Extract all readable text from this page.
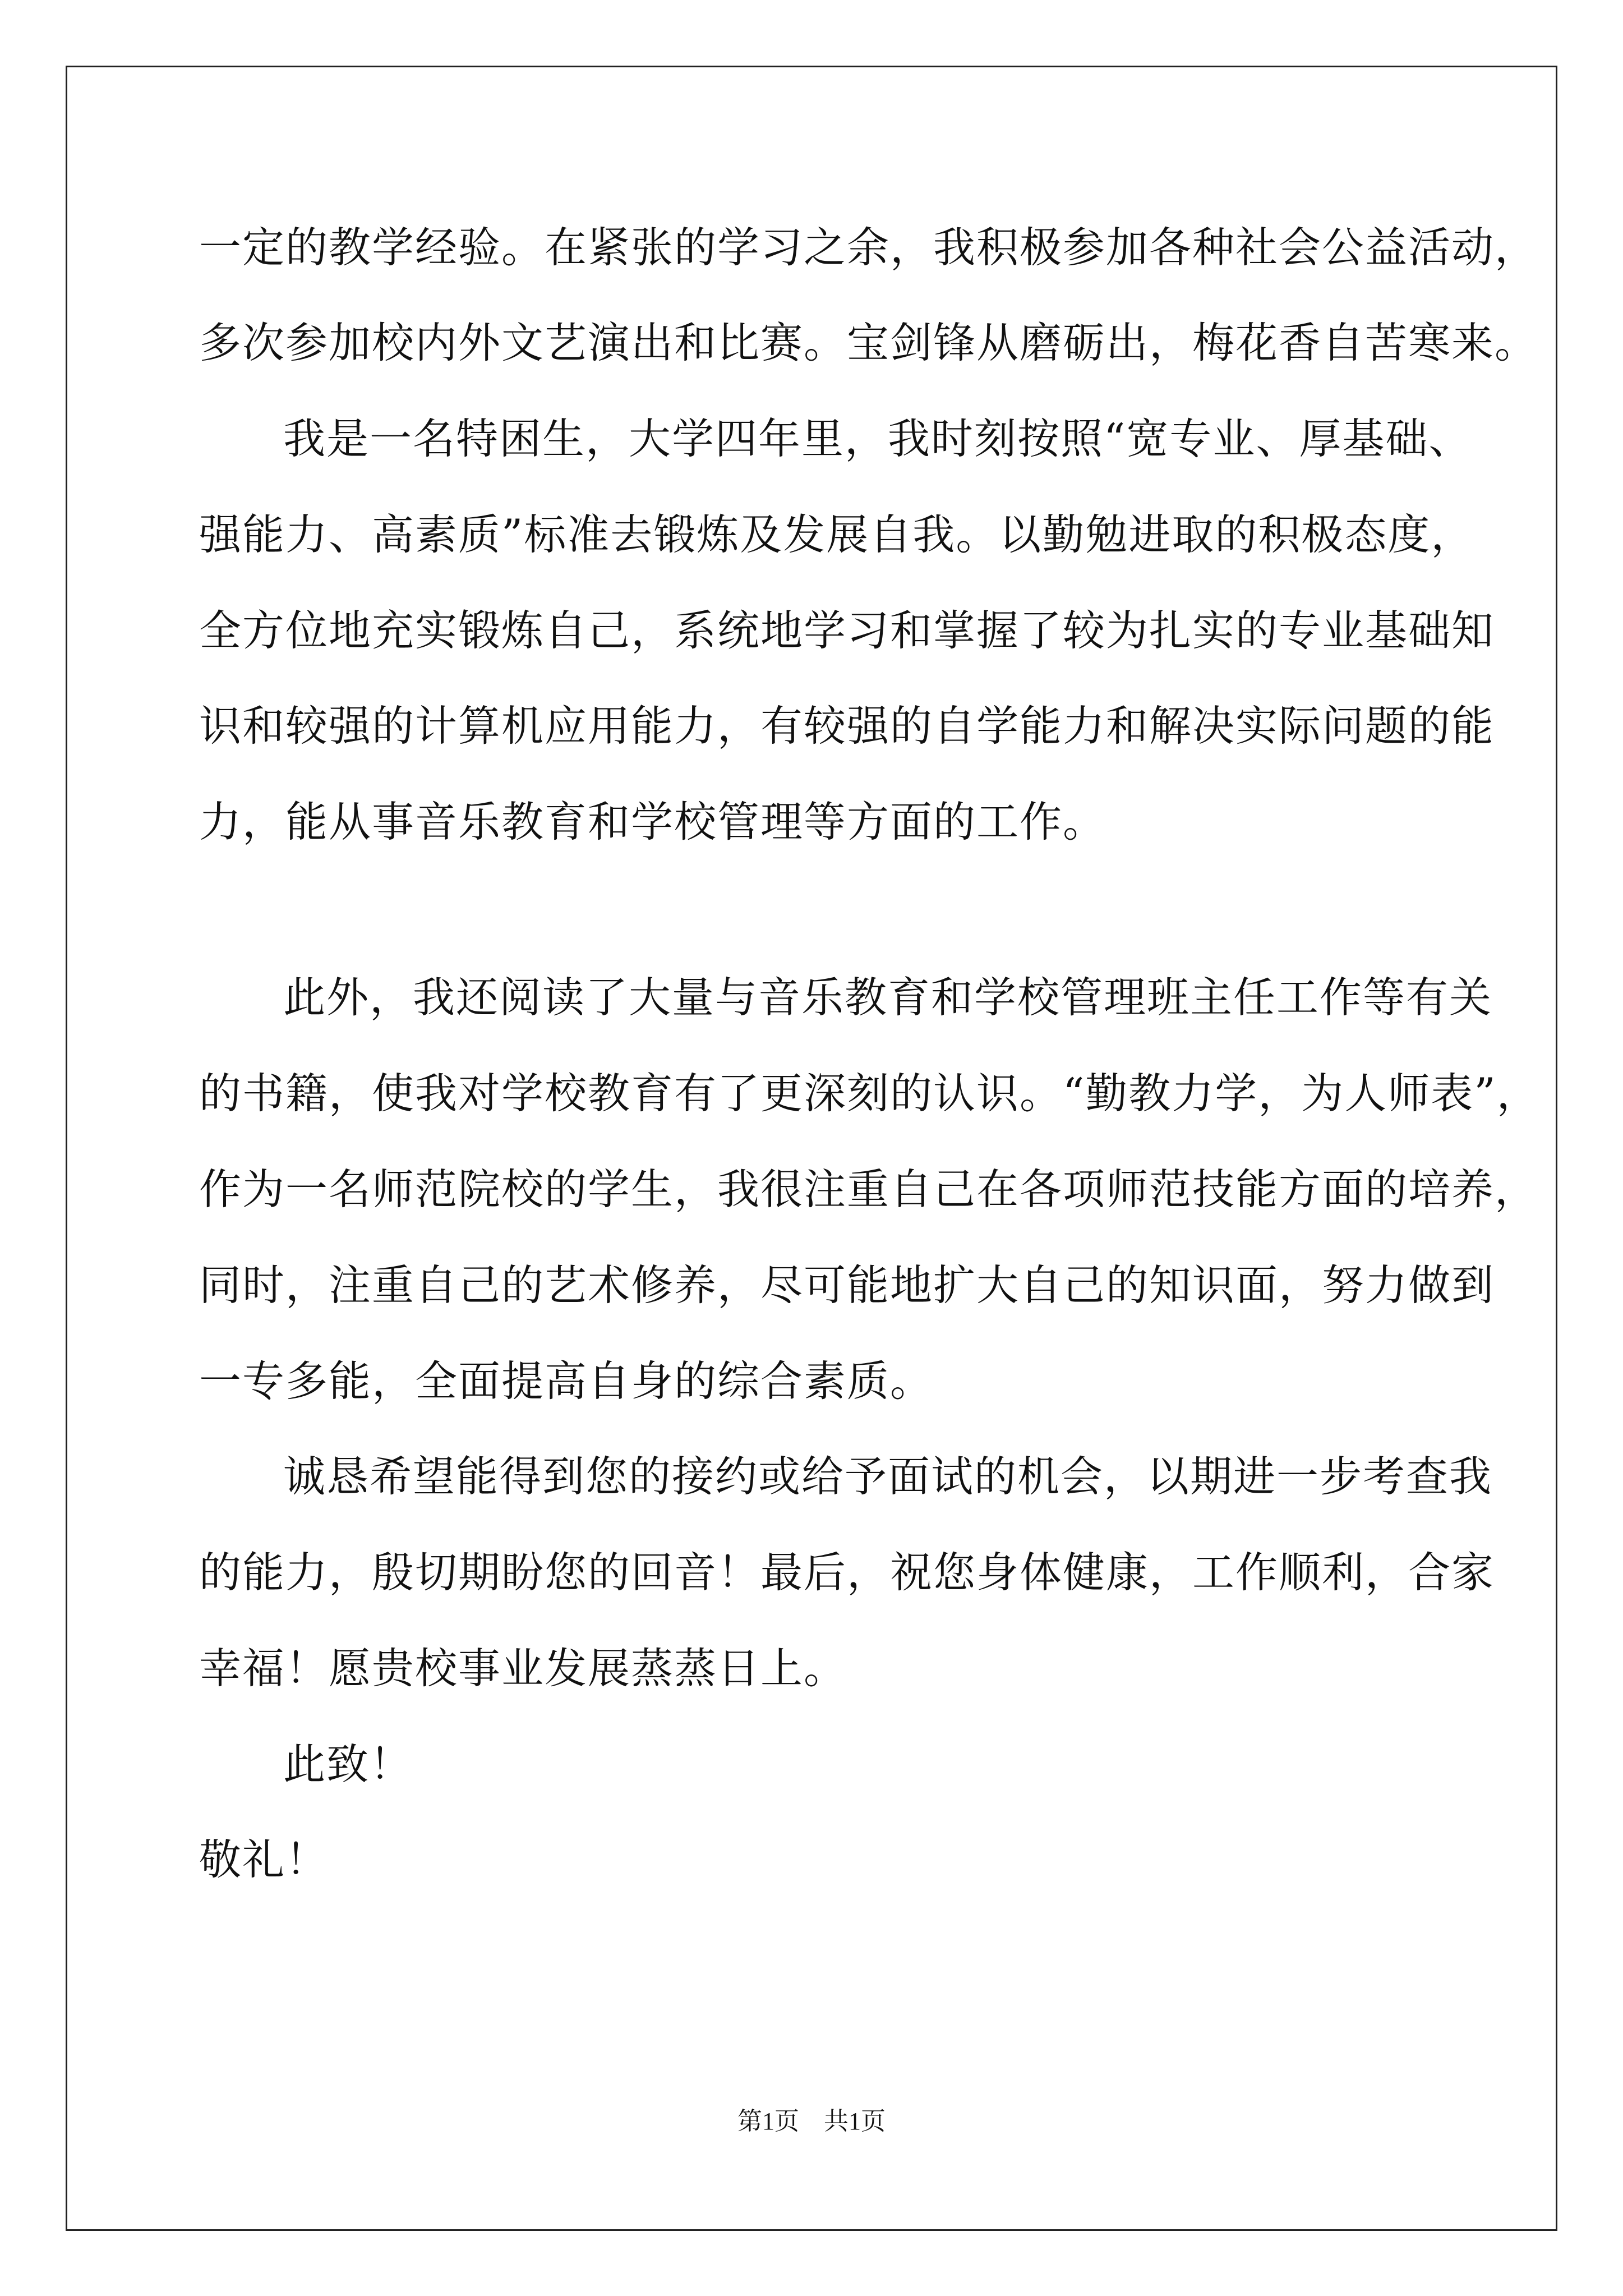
一定的教学经验。在紧张的学习之余，我积极参加各种社会公益活动，
多次参加校内外文艺演出和比赛。宝剑锋从磨砺出，梅花香自苦寒来。
我是一名特困生，大学四年里，我时刻按照“宽专业、厚基础、
强能力、高素质”标准去锻炼及发展自我。以勤勉进取的积极态度，
全方位地充实锻炼自己，系统地学习和掌握了较为扎实的专业基础知
识和较强的计算机应用能力，有较强的自学能力和解决实际问题的能
力，能从事音乐教育和学校管理等方面的工作。
此外，我还阅读了大量与音乐教育和学校管理班主任工作等有关
的书籍，使我对学校教育有了更深刻的认识。“勤教力学，为人师表”，
作为一名师范院校的学生，我很注重自己在各项师范技能方面的培养，
同时，注重自己的艺术修养，尽可能地扩大自己的知识面，努力做到
一专多能，全面提高自身的综合素质。
诚恳希望能得到您的接约或给予面试的机会，以期进一步考查我
的能力，殷切期盼您的回音！最后，祝您身体健康，工作顺利，合家
幸福！愿贵校事业发展蒸蒸日上。
此致！
敬礼！
第1页　共1页
